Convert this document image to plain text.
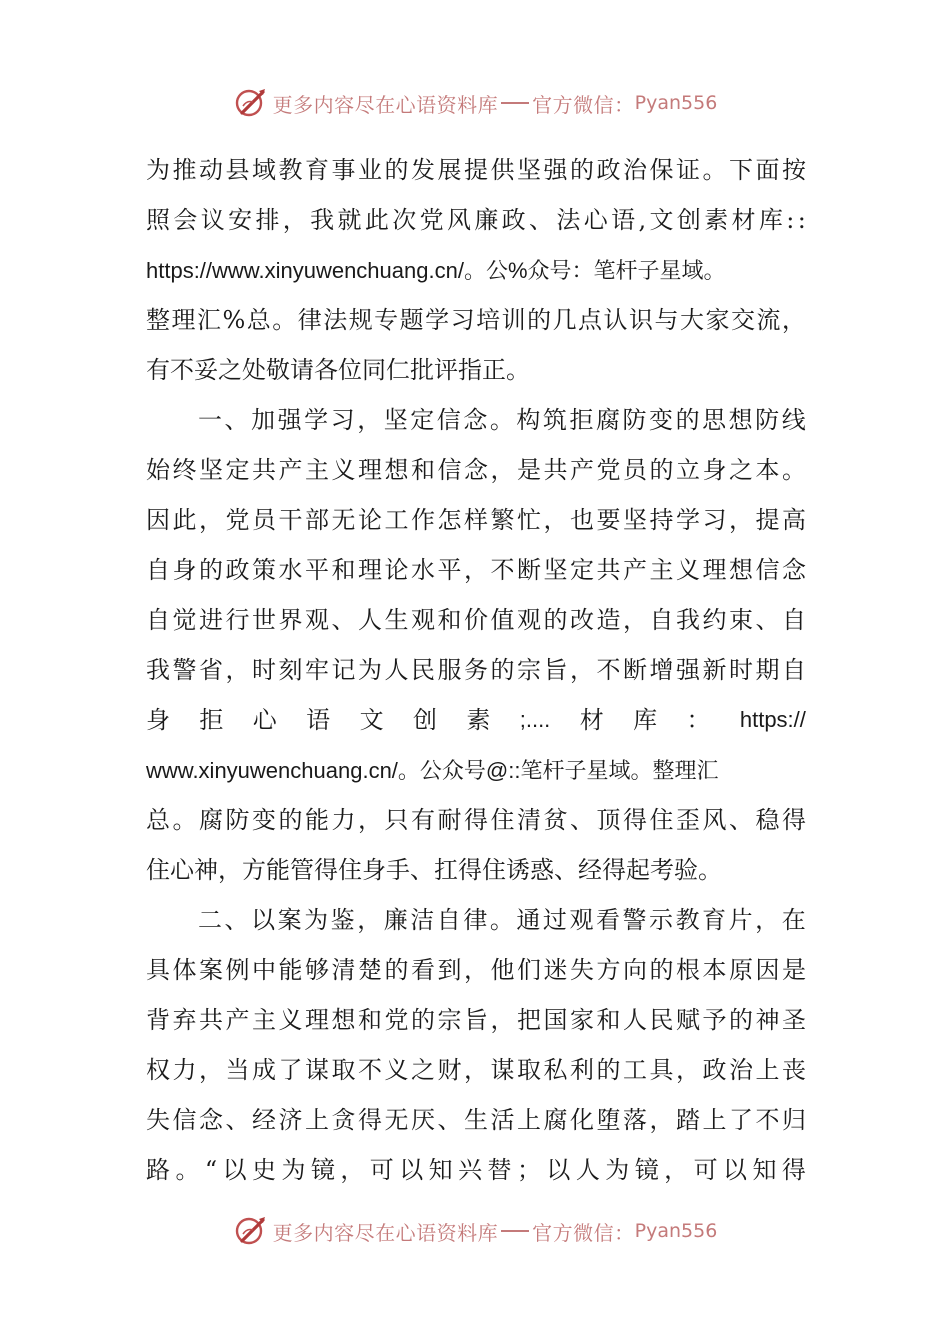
更多内容尽在心语资料库 官方微信： Pyan556
为 推 动 县 域 教 育 事 业 的 发 展 提 供 坚 强 的 政 治 保 证 。 下 面 按
照 会 议 安 排 ， 我 就 此 次 党 风 廉 政 、 法 心 语 , 文 创 素 材 库 : :
https://www.xinyuwenchuang.cn/。公%众号：笔杆子星域。
整 理 汇 % 总 。 律 法 规 专 题 学 习 培 训 的 几 点 认 识 与 大 家 交 流 ，
有不妥之处敬请各位同仁批评指正。
一 、 加 强 学 习 ， 坚 定 信 念 。 构 筑 拒 腐 防 变 的 思 想 防 线
始 终 坚 定 共 产 主 义 理 想 和 信 念 ， 是 共 产 党 员 的 立 身 之 本 。
因 此 ， 党 员 干 部 无 论 工 作 怎 样 繁 忙 ， 也 要 坚 持 学 习 ， 提 高
自 身 的 政 策 水 平 和 理 论 水 平 ， 不 断 坚 定 共 产 主 义 理 想 信 念
自 觉 进 行 世 界 观 、 人 生 观 和 价 值 观 的 改 造 ， 自 我 约 束 、 自
我 警 省 ， 时 刻 牢 记 为 人 民 服 务 的 宗 旨 ， 不 断 增 强 新 时 期 自
身 拒 心 语 文 创 素 ;.... 材 库 ： https://
www.xinyuwenchuang.cn/。公众号@::笔杆子星域。整理汇
总 。 腐 防 变 的 能 力 ， 只 有 耐 得 住 清 贫 、 顶 得 住 歪 风 、 稳 得
住心神，方能管得住身手、扛得住诱惑、经得起考验。
二 、 以 案 为 鉴 ， 廉 洁 自 律 。 通 过 观 看 警 示 教 育 片 ， 在
具 体 案 例 中 能 够 清 楚 的 看 到 ， 他 们 迷 失 方 向 的 根 本 原 因 是
背 弃 共 产 主 义 理 想 和 党 的 宗 旨 ， 把 国 家 和 人 民 赋 予 的 神 圣
权 力 ， 当 成 了 谋 取 不 义 之 财 ， 谋 取 私 利 的 工 具 ， 政 治 上 丧
失 信 念 、 经 济 上 贪 得 无 厌 、 生 活 上 腐 化 堕 落 ， 踏 上 了 不 归
路 。 “ 以 史 为 镜 ， 可 以 知 兴 替 ； 以 人 为 镜 ， 可 以 知 得
更多内容尽在心语资料库 官方微信： Pyan556
